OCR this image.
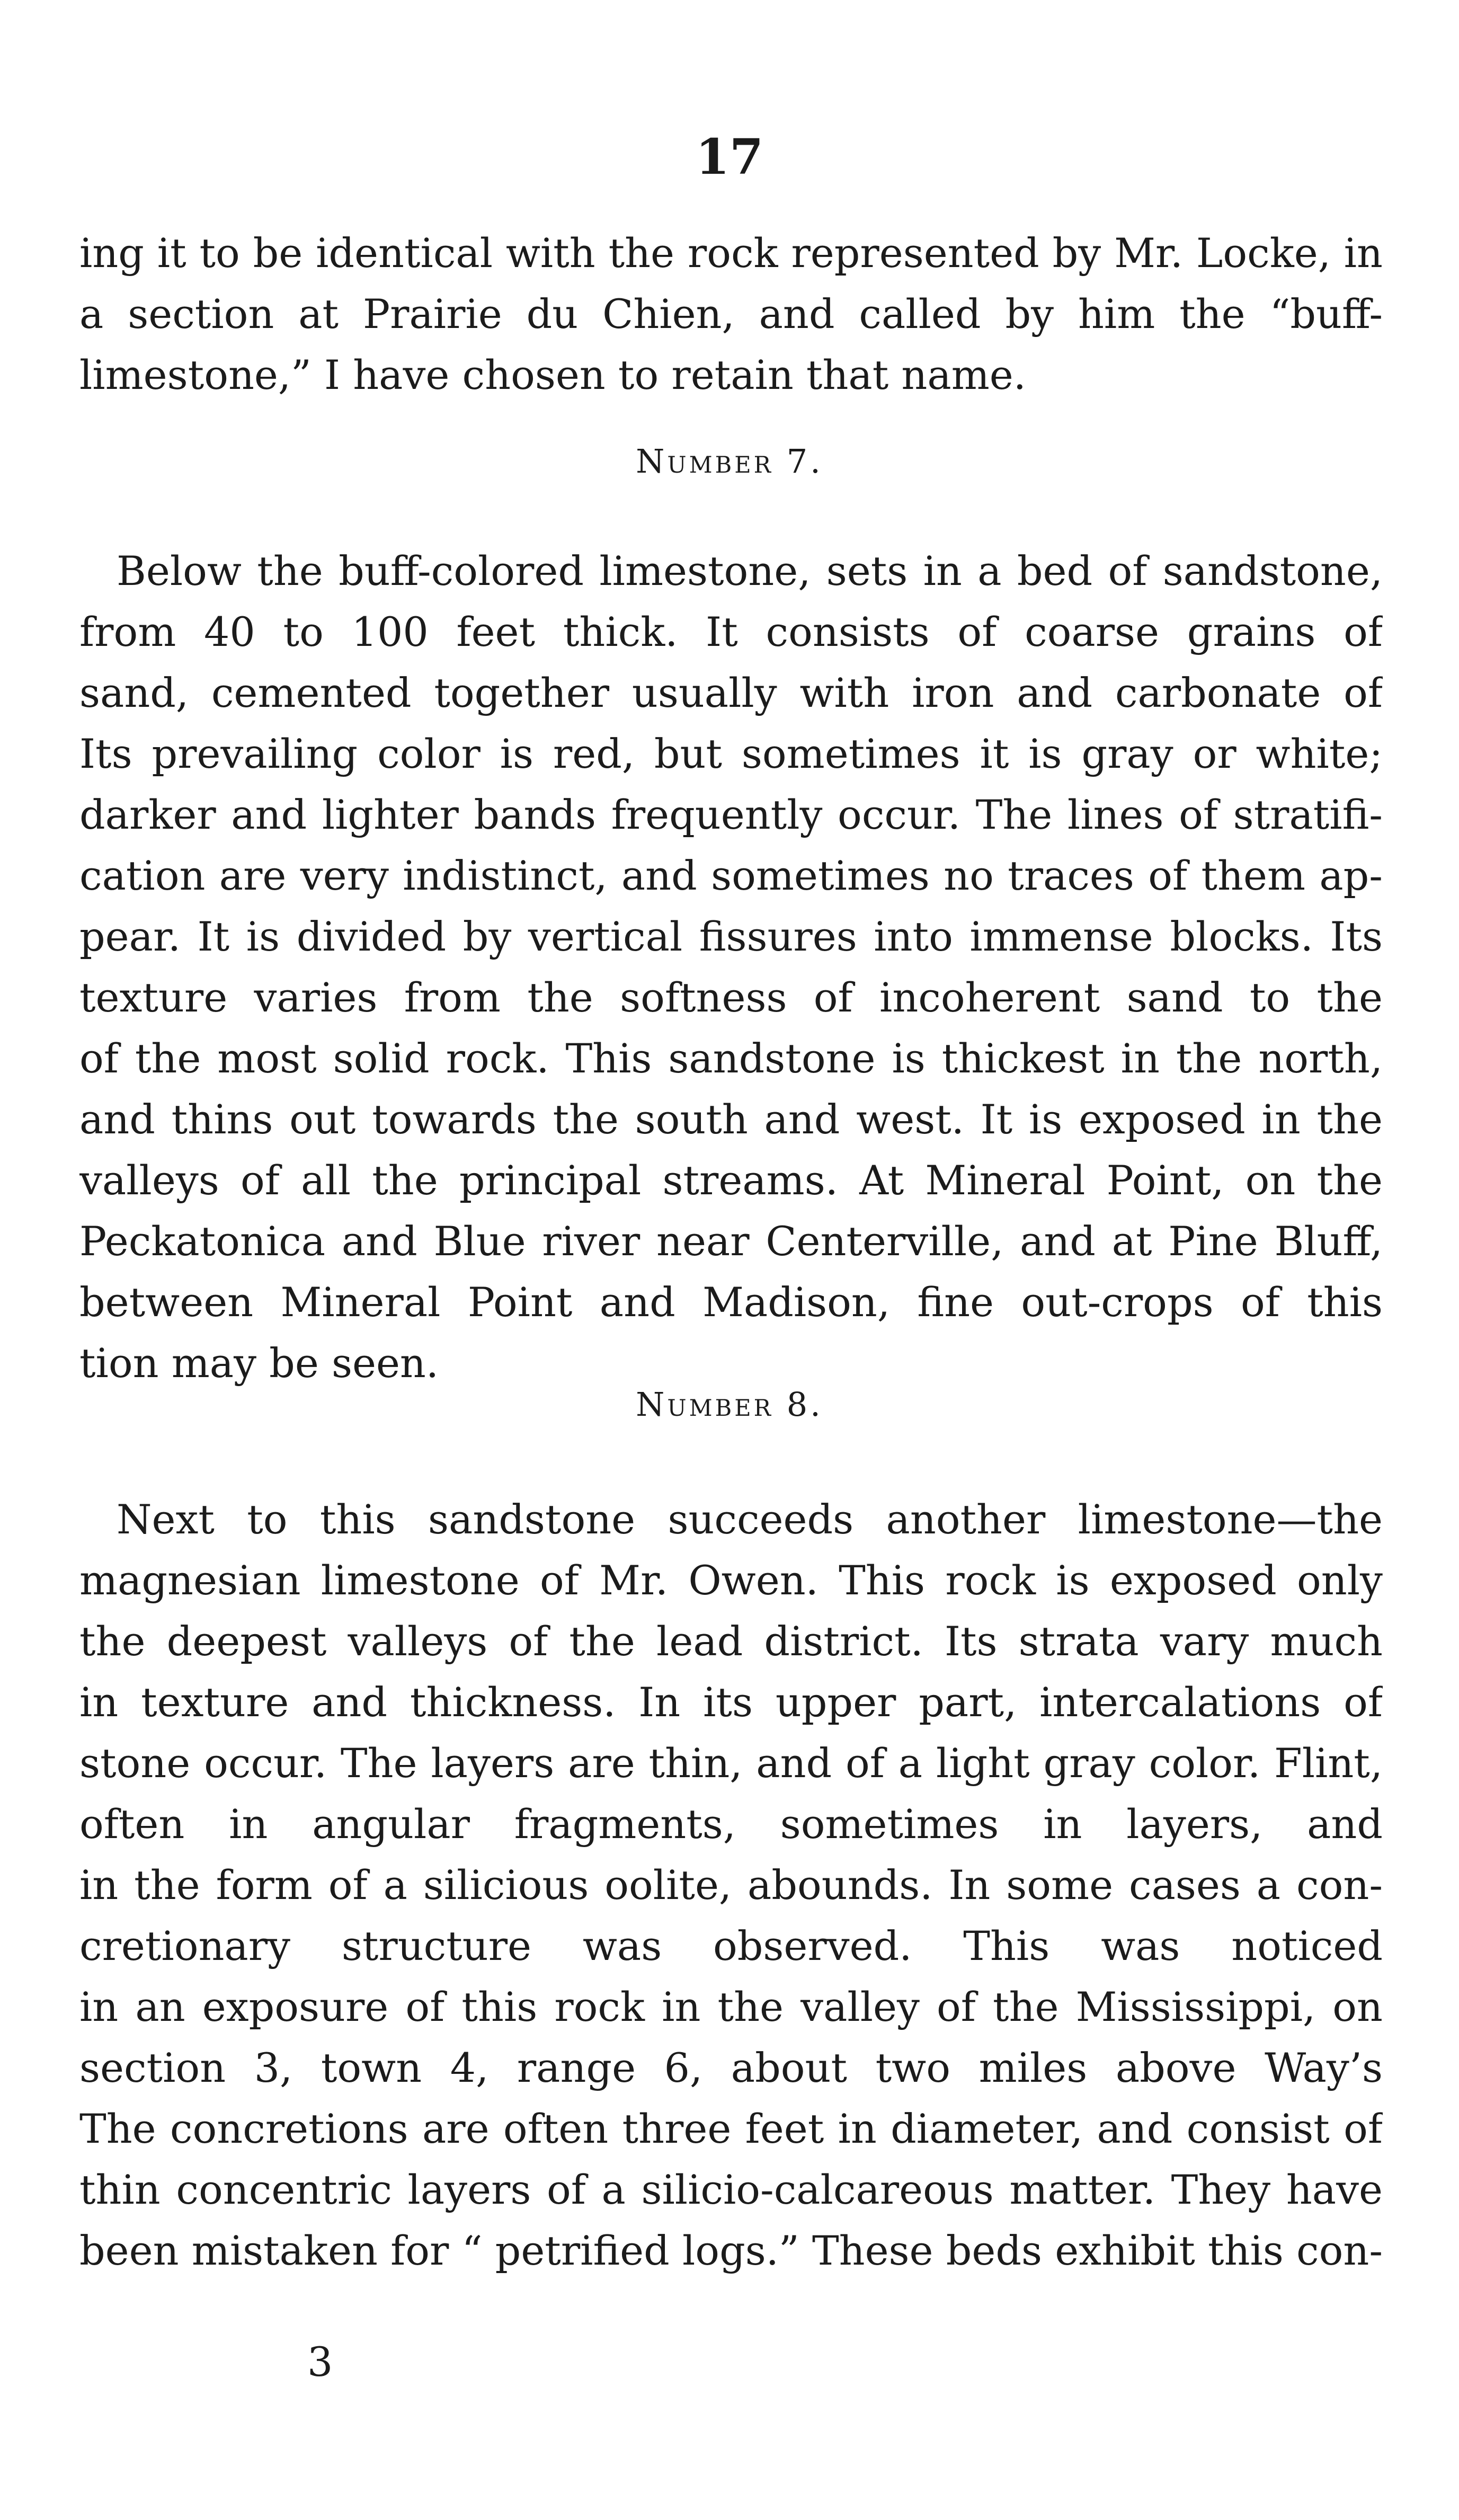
17
ing it to be identical with the rock represented by Mr. Locke, in
a section at Prairie du Chien, and called by him the “buff-
limestone,” I have chosen to retain that name.
Number 7.
Below the buff-colored limestone, sets in a bed of sandstone,
from 40 to 100 feet thick. It consists of coarse grains of
sand, cemented together usually with iron and carbonate of
Its prevailing color is red, but sometimes it is gray or white;
darker and lighter bands frequently occur. The lines of stratifi-
cation are very indistinct, and sometimes no traces of them ap-
pear. It is divided by vertical fissures into immense blocks. Its
texture varies from the softness of incoherent sand to the
of the most solid rock. This sandstone is thickest in the north,
and thins out towards the south and west. It is exposed in the
valleys of all the principal streams. At Mineral Point, on the
Peckatonica and Blue river near Centerville, and at Pine Bluff,
between Mineral Point and Madison, fine out-crops of this
tion may be seen.
Number 8.
Next to this sandstone succeeds another limestone—the
magnesian limestone of Mr. Owen. This rock is exposed only
the deepest valleys of the lead district. Its strata vary much
in texture and thickness. In its upper part, intercalations of
stone occur. The layers are thin, and of a light gray color. Flint,
often in angular fragments, sometimes in layers, and
in the form of a silicious oolite, abounds. In some cases a con-
cretionary structure was observed. This was noticed
in an exposure of this rock in the valley of the Mississippi, on
section 3, town 4, range 6, about two miles above Way’s
The concretions are often three feet in diameter, and consist of
thin concentric layers of a silicio-calcareous matter. They have
been mistaken for “ petrified logs.” These beds exhibit this con-
3
